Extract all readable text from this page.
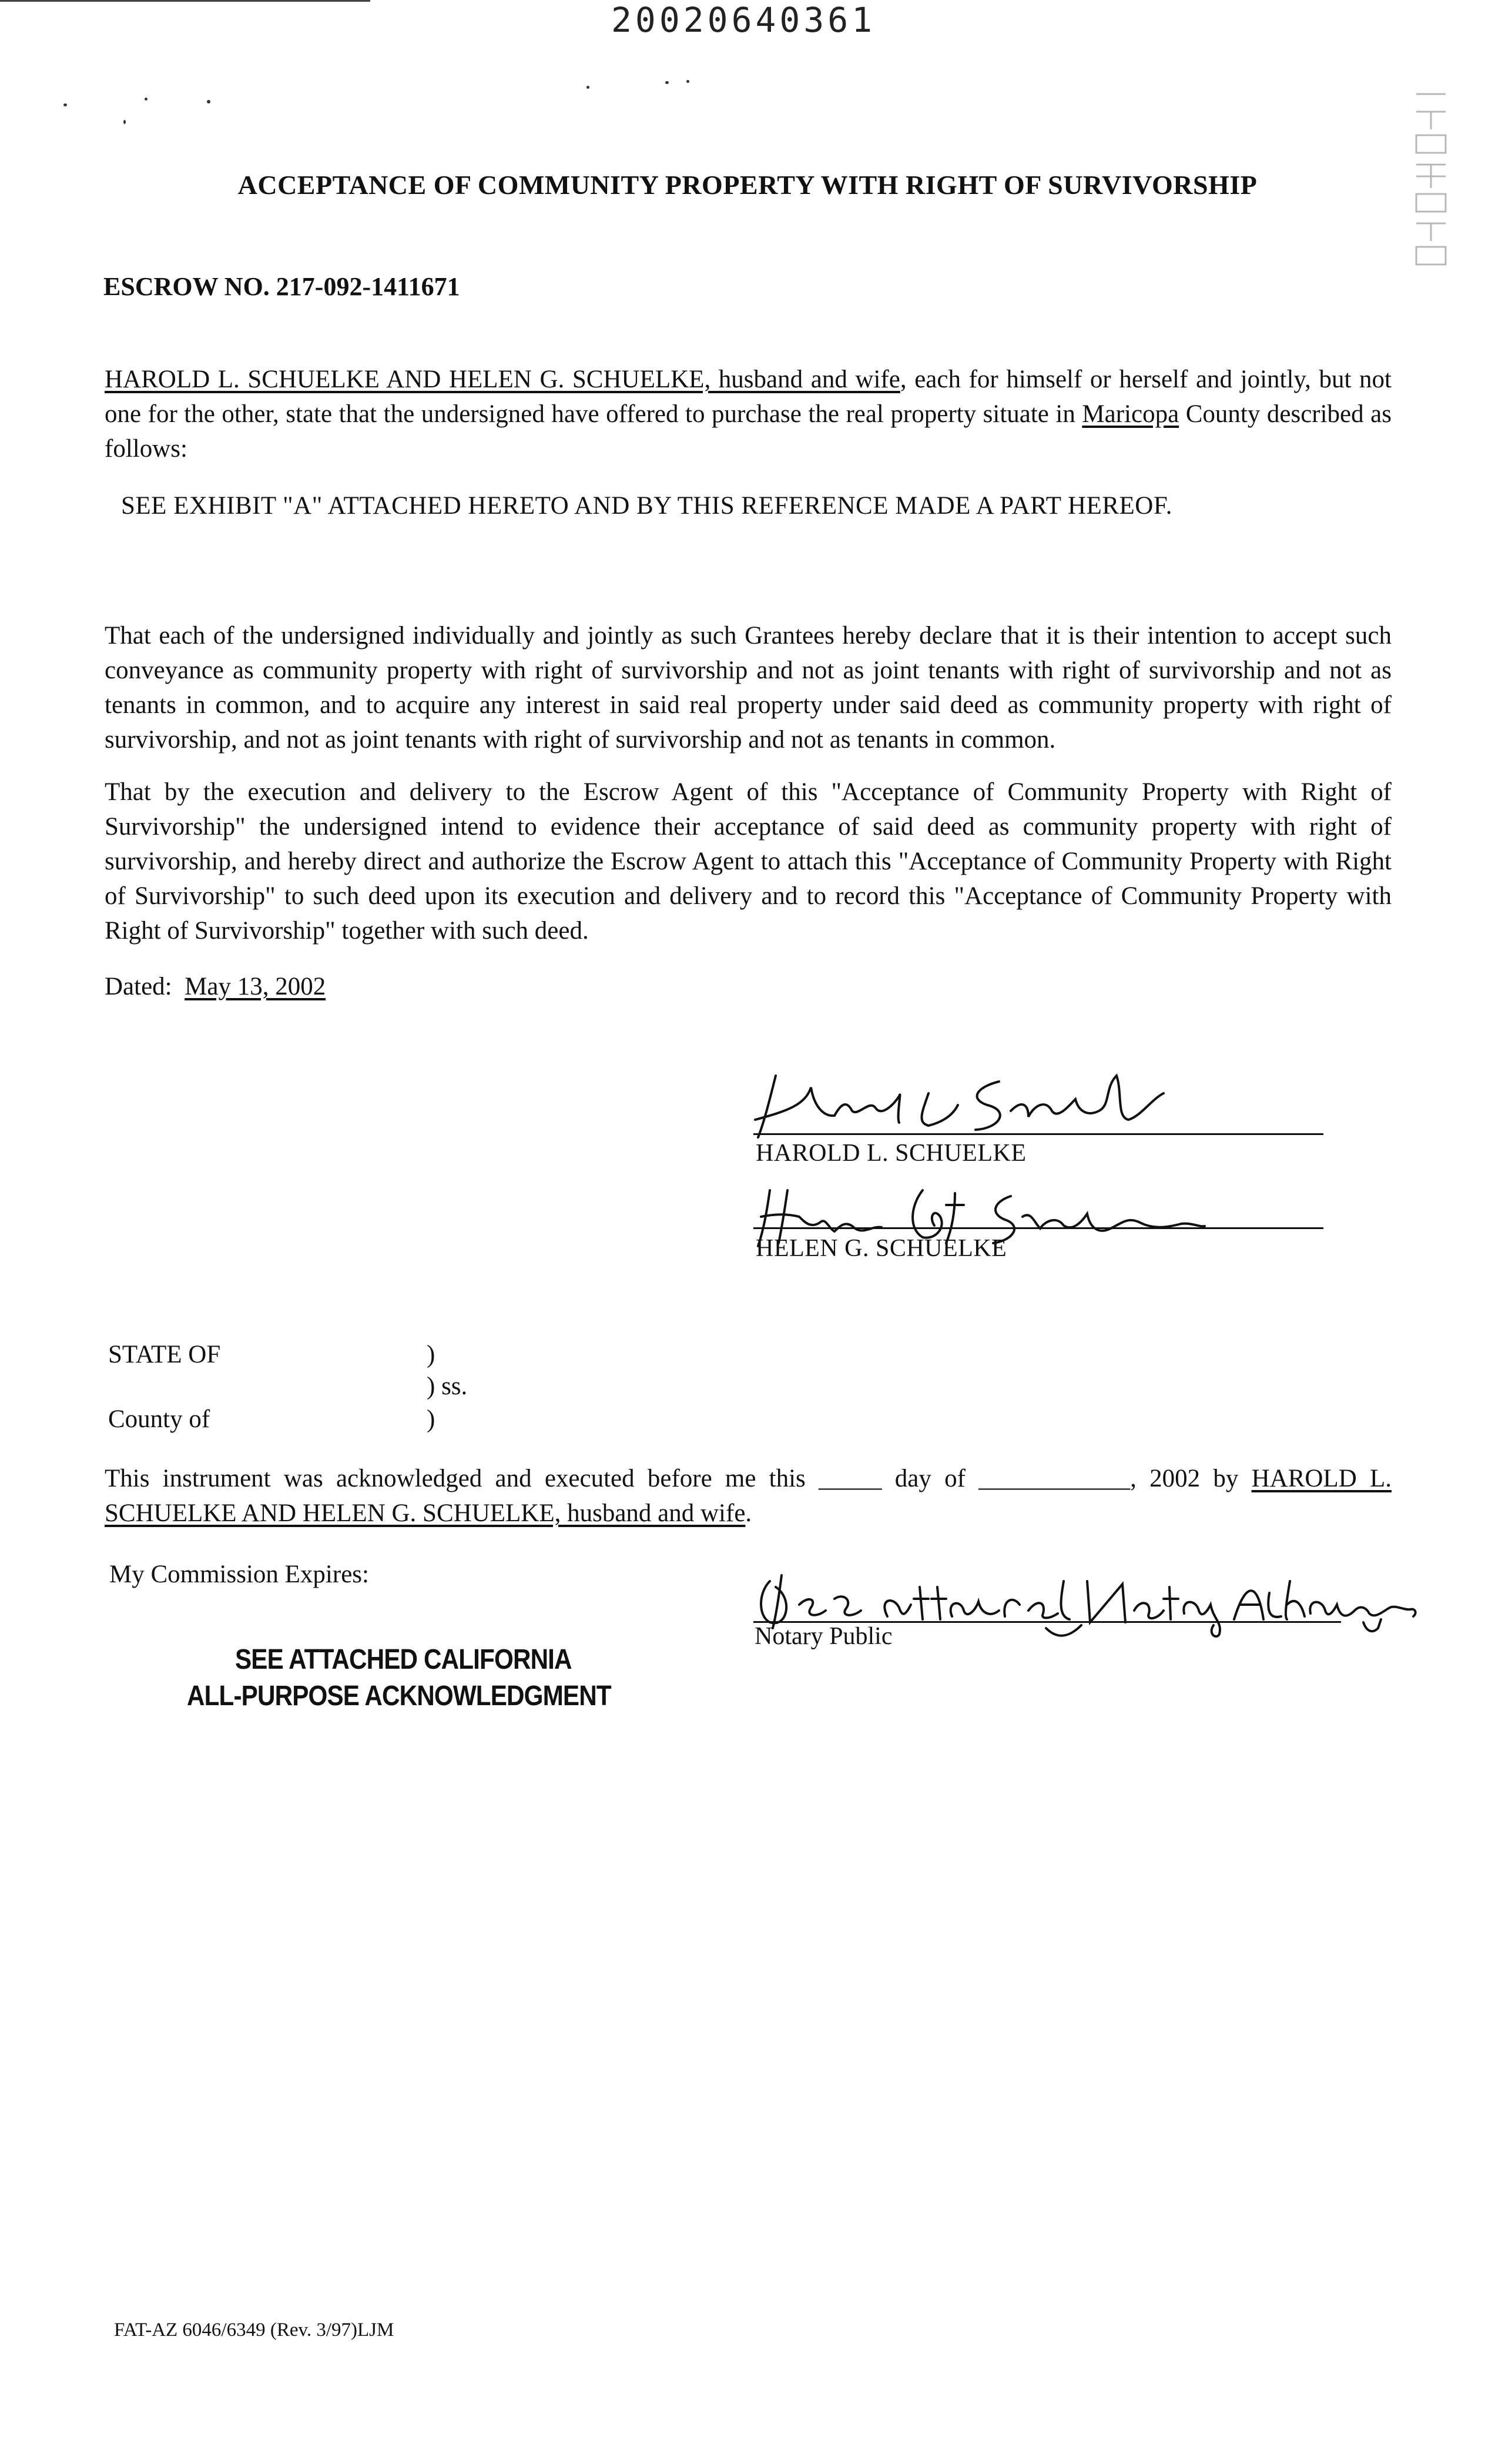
20020640361
ACCEPTANCE OF COMMUNITY PROPERTY WITH RIGHT OF SURVIVORSHIP
ESCROW NO. 217-092-1411671
HAROLD L. SCHUELKE AND HELEN G. SCHUELKE, husband and wife, each for himself or herself and jointly, but not one for the other, state that the undersigned have offered to purchase the real property situate in Maricopa County described as follows:
SEE EXHIBIT "A" ATTACHED HERETO AND BY THIS REFERENCE MADE A PART HEREOF.
That each of the undersigned individually and jointly as such Grantees hereby declare that it is their intention to accept such conveyance as community property with right of survivorship and not as joint tenants with right of survivorship and not as tenants in common, and to acquire any interest in said real property under said deed as community property with right of survivorship, and not as joint tenants with right of survivorship and not as tenants in common.
That by the execution and delivery to the Escrow Agent of this "Acceptance of Community Property with Right of Survivorship" the undersigned intend to evidence their acceptance of said deed as community property with right of survivorship, and hereby direct and authorize the Escrow Agent to attach this "Acceptance of Community Property with Right of Survivorship" to such deed upon its execution and delivery and to record this "Acceptance of Community Property with Right of Survivorship" together with such deed.
Dated: May 13, 2002
HAROLD L. SCHUELKE
HELEN G. SCHUELKE
STATE OF	)
) ss.
County of	)
This instrument was acknowledged and executed before me this _____ day of ____________, 2002 by HAROLD L. SCHUELKE AND HELEN G. SCHUELKE, husband and wife.
My Commission Expires:
Notary Public
SEE ATTACHED CALIFORNIA
ALL-PURPOSE ACKNOWLEDGMENT
FAT-AZ 6046/6349 (Rev. 3/97)LJM
